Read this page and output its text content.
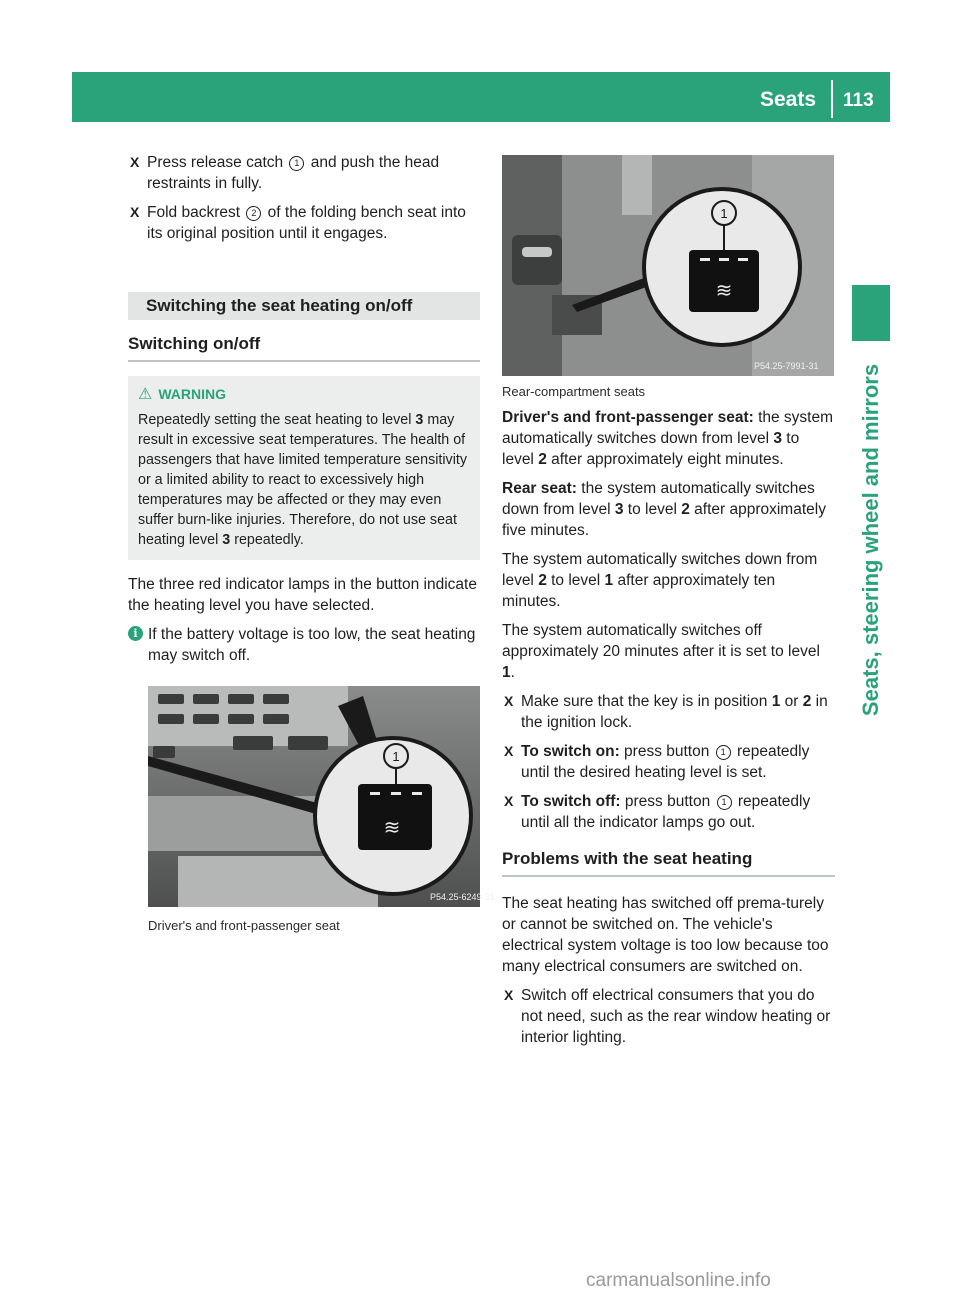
Seats 113
Seats, steering wheel and mirrors
X Press release catch 1 and push the head restraints in fully.
X Fold backrest 2 of the folding bench seat into its original position until it engages.
Switching the seat heating on/off
Switching on/off
⚠ WARNING

Repeatedly setting the seat heating to level 3 may result in excessive seat temperatures. The health of passengers that have limited temperature sensitivity or a limited ability to react to excessively high temperatures may be affected or they may even suffer burn-like injuries. Therefore, do not use seat heating level 3 repeatedly.

The three red indicator lamps in the button indicate the heating level you have selected.

i If the battery voltage is too low, the seat heating may switch off.
1
≋
P54.25-6249-31
Driver's and front-passenger seat
1
≋
P54.25-7991-31
Rear-compartment seats

Driver's and front-passenger seat: the system automatically switches down from level 3 to level 2 after approximately eight minutes.

Rear seat: the system automatically switches down from level 3 to level 2 after approximately five minutes.

The system automatically switches down from level 2 to level 1 after approximately ten minutes.

The system automatically switches off approximately 20 minutes after it is set to level 1.

X Make sure that the key is in position 1 or 2 in the ignition lock.
X To switch on: press button 1 repeatedly until the desired heating level is set.
X To switch off: press button 1 repeatedly until all the indicator lamps go out.
Problems with the seat heating

The seat heating has switched off prema-turely or cannot be switched on. The vehicle's electrical system voltage is too low because too many electrical consumers are switched on.

X Switch off electrical consumers that you do not need, such as the rear window heating or interior lighting.
carmanualsonline.info
